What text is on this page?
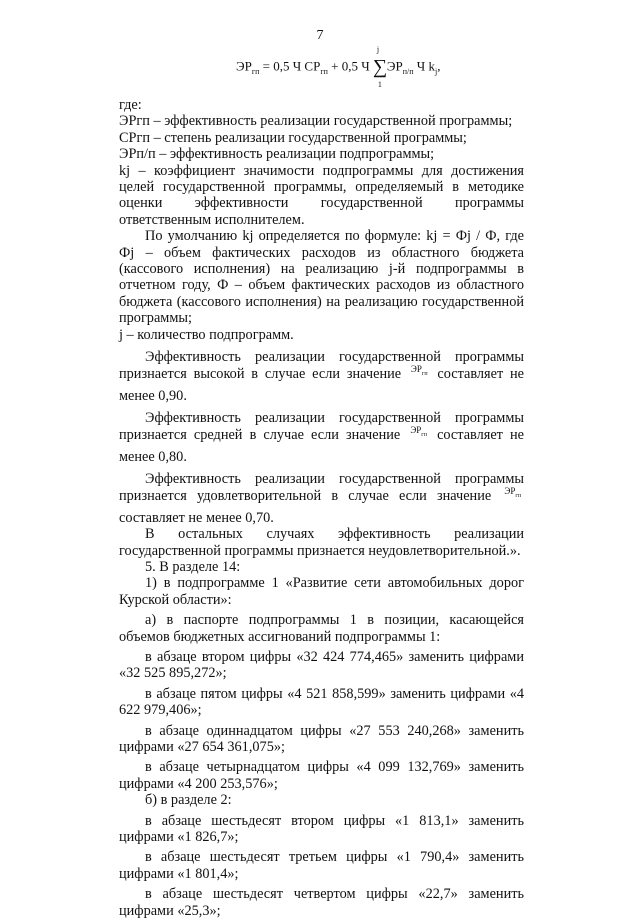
7
$ЭР_{гп} = 0,5$ Ч $СР_{гп} + 0,5$ Ч ∑
j
1
$ЭР_{п/п}$ Ч $k_j$,

где:

ЭРгп – эффективность реализации государственной программы;

СРгп – степень реализации государственной программы;

ЭРп/п – эффективность реализации подпрограммы;

kj – коэффициент значимости подпрограммы для достижения целей государственной программы, определяемый в методике оценки эффективности государственной программы ответственным исполнителем.

По умолчанию kj определяется по формуле: kj = Фj / Ф, где Фj – объем фактических расходов из областного бюджета (кассового исполнения) на реализацию j-й подпрограммы в отчетном году, Ф – объем фактических расходов из областного бюджета (кассового исполнения) на реализацию государственной программы;

j – количество подпрограмм.

Эффективность реализации государственной программы признается высокой в случае если значение $^{ЭР_{гп}}$ составляет не менее 0,90.

Эффективность реализации государственной программы признается средней в случае если значение $^{ЭР_{гп}}$ составляет не менее 0,80.

Эффективность реализации государственной программы признается удовлетворительной в случае если значение $^{ЭР_{гп}}$ составляет не менее 0,70.

В остальных случаях эффективность реализации государственной программы признается неудовлетворительной.».

5. В разделе 14:

1) в подпрограмме 1 «Развитие сети автомобильных дорог Курской области»:

а) в паспорте подпрограммы 1 в позиции, касающейся объемов бюджетных ассигнований подпрограммы 1:

в абзаце втором цифры «32 424 774,465» заменить цифрами «32 525 895,272»;

в абзаце пятом цифры «4 521 858,599» заменить цифрами «4 622 979,406»;

в абзаце одиннадцатом цифры «27 553 240,268» заменить цифрами «27 654 361,075»;

в абзаце четырнадцатом цифры «4 099 132,769» заменить цифрами «4 200 253,576»;

б) в разделе 2:

в абзаце шестьдесят втором цифры «1 813,1» заменить цифрами «1 826,7»;

в абзаце шестьдесят третьем цифры «1 790,4» заменить цифрами «1 801,4»;

в абзаце шестьдесят четвертом цифры «22,7» заменить цифрами «25,3»;
